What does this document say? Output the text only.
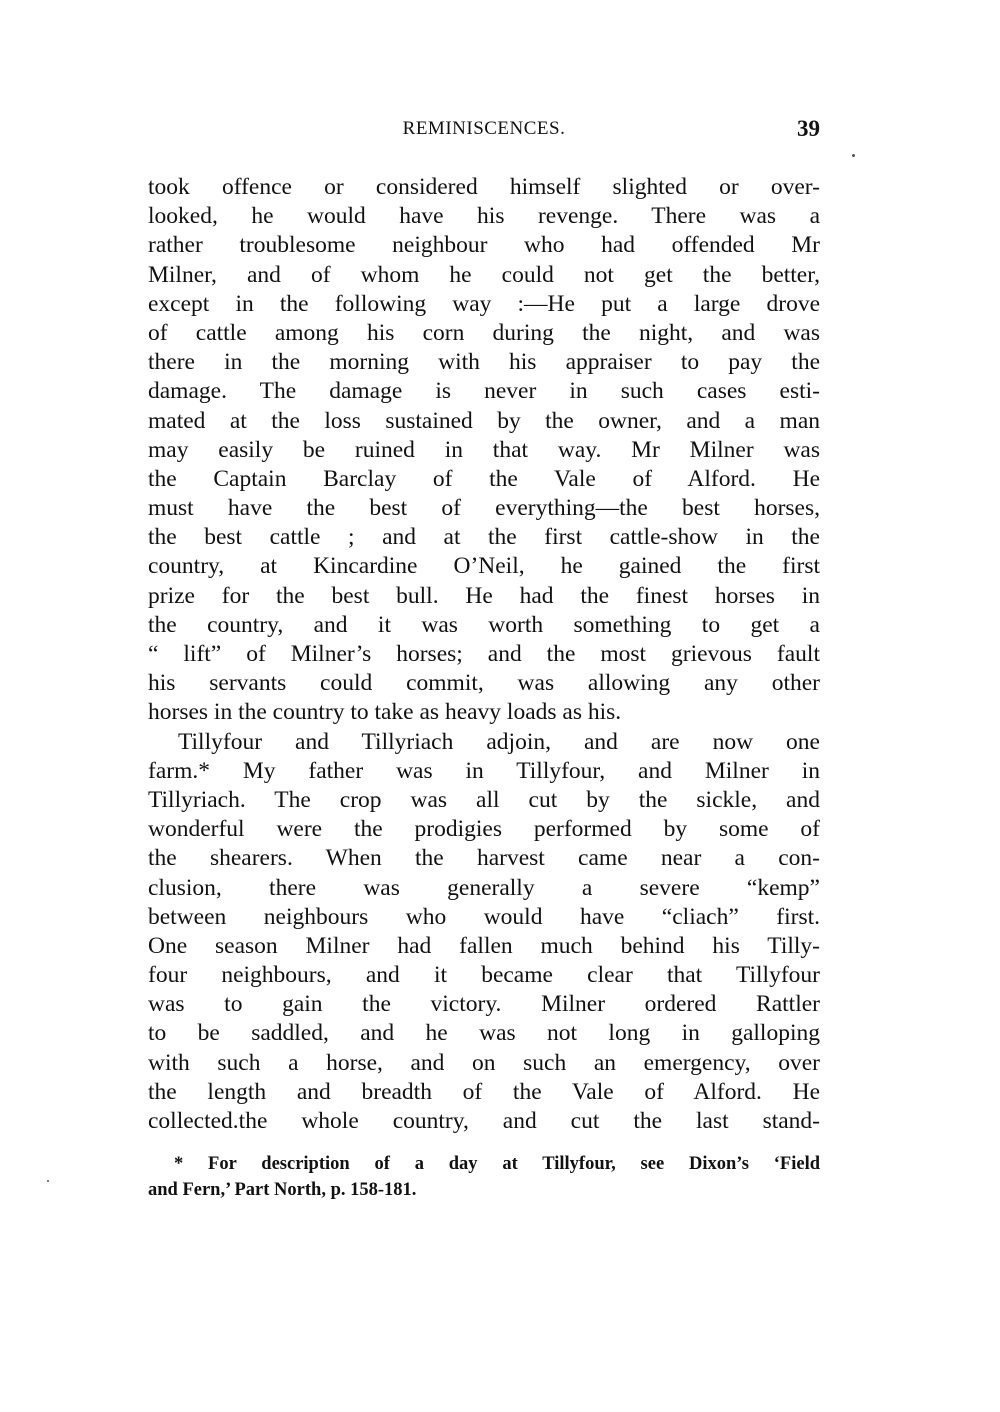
REMINISCENCES.	39
took offence or considered himself slighted or over-
looked, he would have his revenge. There was a
rather troublesome neighbour who had offended Mr
Milner, and of whom he could not get the better,
except in the following way :—He put a large drove
of cattle among his corn during the night, and was
there in the morning with his appraiser to pay the
damage. The damage is never in such cases esti-
mated at the loss sustained by the owner, and a man
may easily be ruined in that way. Mr Milner was
the Captain Barclay of the Vale of Alford. He
must have the best of everything—the best horses,
the best cattle ; and at the first cattle-show in the
country, at Kincardine O’Neil, he gained the first
prize for the best bull. He had the finest horses in
the country, and it was worth something to get a
“ lift” of Milner’s horses; and the most grievous fault
his servants could commit, was allowing any other
horses in the country to take as heavy loads as his.
Tillyfour and Tillyriach adjoin, and are now one
farm.* My father was in Tillyfour, and Milner in
Tillyriach. The crop was all cut by the sickle, and
wonderful were the prodigies performed by some of
the shearers. When the harvest came near a con-
clusion, there was generally a severe “kemp”
between neighbours who would have “cliach” first.
One season Milner had fallen much behind his Tilly-
four neighbours, and it became clear that Tillyfour
was to gain the victory. Milner ordered Rattler
to be saddled, and he was not long in galloping
with such a horse, and on such an emergency, over
the length and breadth of the Vale of Alford. He
collected.the whole country, and cut the last stand-
* For description of a day at Tillyfour, see Dixon’s ‘Field
and Fern,’ Part North, p. 158-181.
